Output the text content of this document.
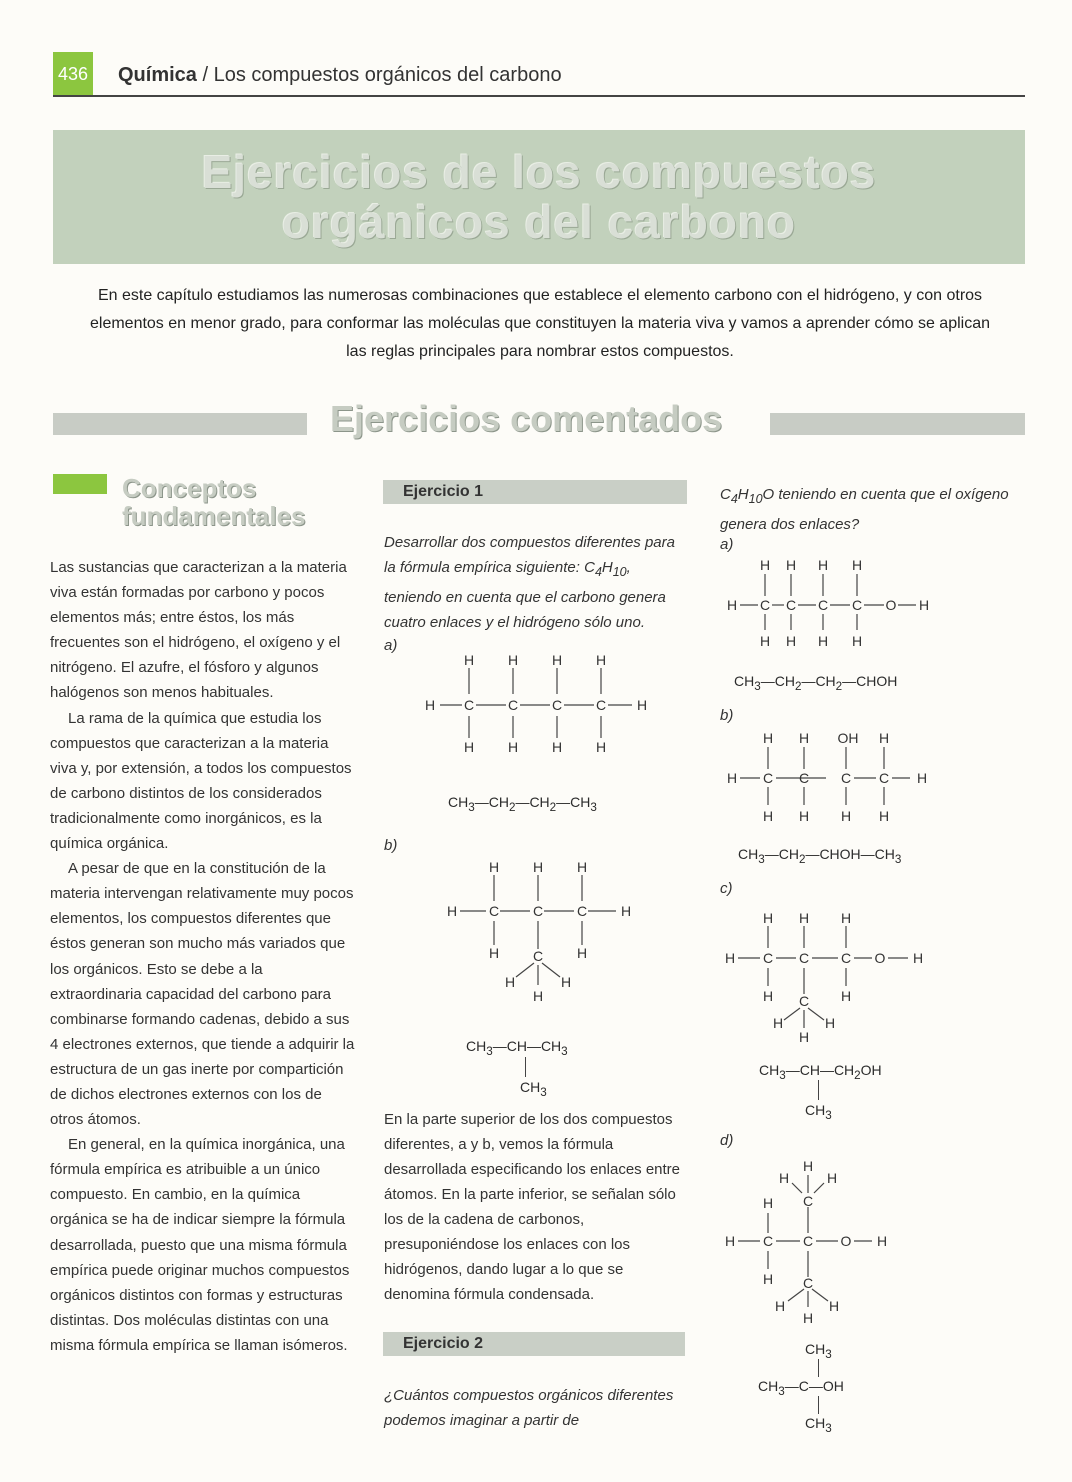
436 Química / Los compuestos orgánicos del carbono
Ejercicios de los compuestos
orgánicos del carbono
En este capítulo estudiamos las numerosas combinaciones que establece el elemento carbono con el hidrógeno, y con otros elementos en menor grado, para conformar las moléculas que constituyen la materia viva y vamos a aprender cómo se aplican las reglas principales para nombrar estos compuestos.
Ejercicios comentados
Conceptos
fundamentales

Las sustancias que caracterizan a la materia viva están formadas por carbono y pocos elementos más; entre éstos, los más frecuentes son el hidrógeno, el oxígeno y el nitrógeno. El azufre, el fósforo y algunos halógenos son menos habituales.

La rama de la química que estudia los compuestos que caracterizan a la materia viva y, por extensión, a todos los compuestos de carbono distintos de los considerados tradicionalmente como inorgánicos, es la química orgánica.

A pesar de que en la constitución de la materia intervengan relativamente muy pocos elementos, los compuestos diferentes que éstos generan son mucho más variados que los orgánicos. Esto se debe a la extraordinaria capacidad del carbono para combinarse formando cadenas, debido a sus 4 electrones externos, que tiende a adquirir la estructura de un gas inerte por compartición de dichos electrones externos con los de otros átomos.

En general, en la química inorgánica, una fórmula empírica es atribuible a un único compuesto. En cambio, en la química orgánica se ha de indicar siempre la fórmula desarrollada, puesto que una misma fórmula empírica puede originar muchos compuestos orgánicos distintos con formas y estructuras distintas. Dos moléculas distintas con una misma fórmula empírica se llaman isómeros.

Ejercicio 1
Desarrollar dos compuestos diferentes para la fórmula empírica siguiente: $C_4H_{10}$, teniendo en cuenta que el carbono genera cuatro enlaces y el hidrógeno sólo uno.
a)
H H H H
H C C C C H
H H H H
$CH_3—CH_2—CH_2—CH_3$
b)
H H H
H C C C H
H	H
C
H	H
H
$CH_3—CH—CH_3$
$CH_3$
En la parte superior de los dos compuestos diferentes, a y b, vemos la fórmula desarrollada especificando los enlaces entre átomos. En la parte inferior, se señalan sólo los de la cadena de carbonos, presuponiéndose los enlaces con los hidrógenos, dando lugar a lo que se denomina fórmula condensada.
Ejercicio 2
¿Cuántos compuestos orgánicos diferentes podemos imaginar a partir de
$C_4H_{10}O$ teniendo en cuenta que el oxígeno genera dos enlaces?
a)
H H H H
H C C C C O H
H H H H
$CH_3—CH_2—CH_2—CHOH$
b)
H H OH H
H C C C C H
H H H H
$CH_3—CH_2—CHOH—CH_3$
c)
H H H
H C C C O H
H	H
C
H	H
H
$CH_3—CH—CH_2OH$
$CH_3$
d)
H
H	H
C
H
H C C O H
H C
H	H
H
$CH_3$
$CH_3—C—OH$
$CH_3$
